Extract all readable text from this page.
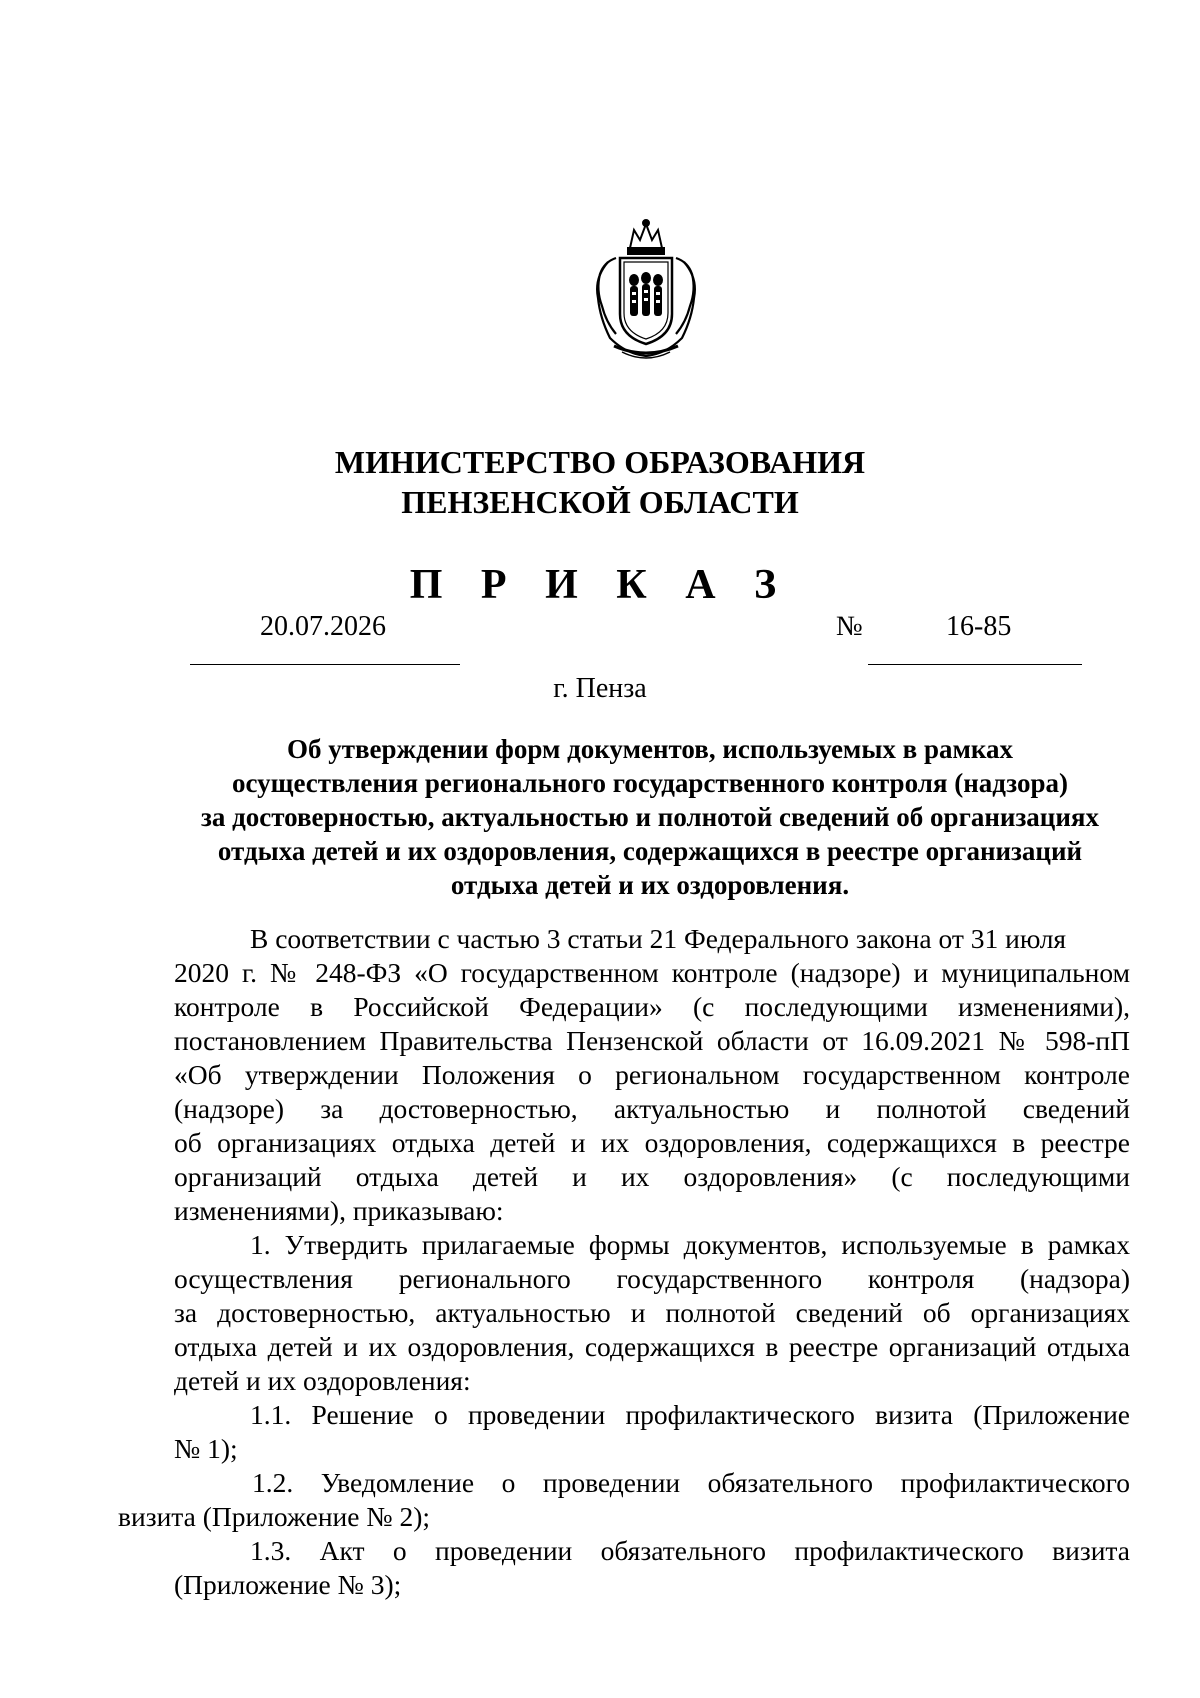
МИНИСТЕРСТВО ОБРАЗОВАНИЯ
ПЕНЗЕНСКОЙ ОБЛАСТИ
П Р И К А З
20.07.2026	№	16-85
г. Пенза
Об утверждении форм документов, используемых в рамках
осуществления регионального государственного контроля (надзора)
за достоверностью, актуальностью и полнотой сведений об организациях
отдыха детей и их оздоровления, содержащихся в реестре организаций
отдыха детей и их оздоровления.
В соответствии с частью 3 статьи 21 Федерального закона от 31 июля
2020 г. № 248-ФЗ «О государственном контроле (надзоре) и муниципальном
контроле в Российской Федерации» (с последующими изменениями),
постановлением Правительства Пензенской области от 16.09.2021 № 598-пП
«Об утверждении Положения о региональном государственном контроле
(надзоре) за достоверностью, актуальностью и полнотой сведений
об организациях отдыха детей и их оздоровления, содержащихся в реестре
организаций отдыха детей и их оздоровления» (с последующими
изменениями), приказываю:
1. Утвердить прилагаемые формы документов, используемые в рамках
осуществления регионального государственного контроля (надзора)
за достоверностью, актуальностью и полнотой сведений об организациях
отдыха детей и их оздоровления, содержащихся в реестре организаций отдыха
детей и их оздоровления:
1.1. Решение о проведении профилактического визита (Приложение
№ 1);
1.2. Уведомление о проведении обязательного профилактического
визита (Приложение № 2);
1.3. Акт о проведении обязательного профилактического визита
(Приложение № 3);
